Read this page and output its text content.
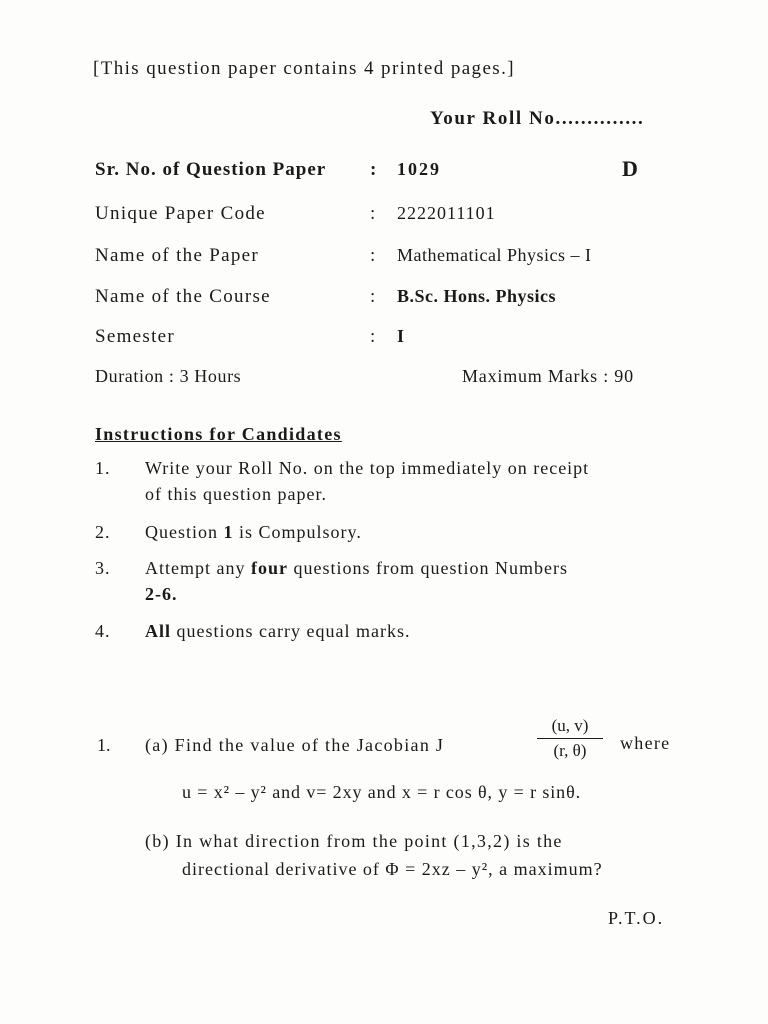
[This question paper contains 4 printed pages.]
Your Roll No..............
Sr. No. of Question Paper : 1029	D
Unique Paper Code	: 2222011101
Name of the Paper	: Mathematical Physics – I
Name of the Course	: B.Sc. Hons. Physics
Semester	: I
Duration : 3 Hours	Maximum Marks : 90
Instructions for Candidates
1. Write your Roll No. on the top immediately on receipt
of this question paper.
2. Question 1 is Compulsory.
3. Attempt any four questions from question Numbers
2-6.
4. All questions carry equal marks.
1. (a) Find the value of the Jacobian J
(u, v)
(r, θ)	where
u = x² – y² and v= 2xy and x = r cos θ, y = r sinθ.
(b) In what direction from the point (1,3,2) is the
directional derivative of Φ = 2xz – y², a maximum?
P.T.O.
